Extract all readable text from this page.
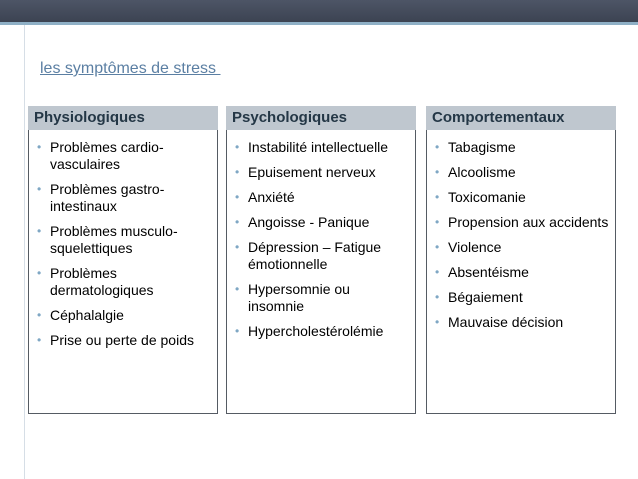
les symptômes de stress
Physiologiques
• Problèmes cardio-vasculaires
• Problèmes gastro-intestinaux
• Problèmes musculo-squelettiques
• Problèmes dermatologiques
• Céphalalgie
• Prise ou perte de poids
Psychologiques
• Instabilité intellectuelle
• Epuisement nerveux
• Anxiété
• Angoisse - Panique
• Dépression – Fatigue émotionnelle
• Hypersomnie ou insomnie
• Hypercholestérolémie
Comportementaux
• Tabagisme
• Alcoolisme
• Toxicomanie
• Propension aux accidents
• Violence
• Absentéisme
• Bégaiement
• Mauvaise décision
